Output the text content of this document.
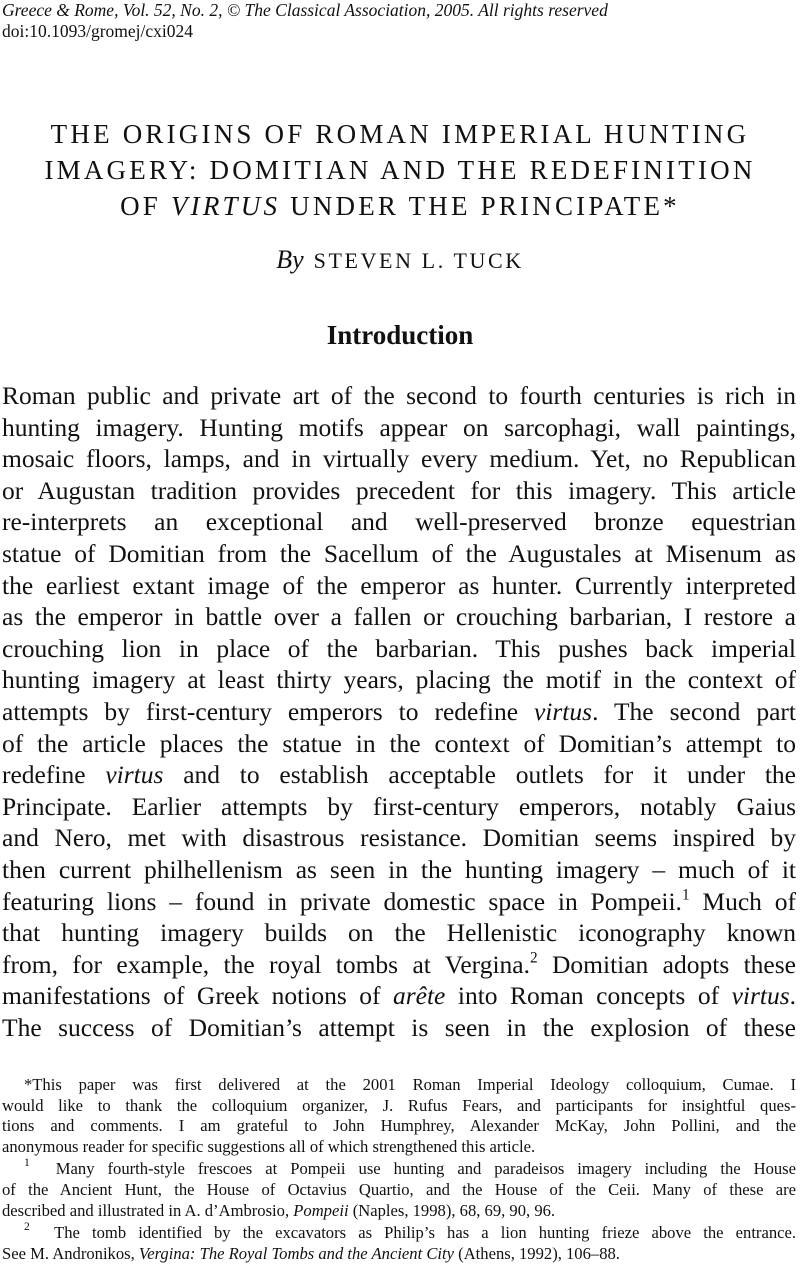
Greece & Rome, Vol. 52, No. 2, © The Classical Association, 2005. All rights reserved
doi:10.1093/gromej/cxi024
THE ORIGINS OF ROMAN IMPERIAL HUNTING
IMAGERY: DOMITIAN AND THE REDEFINITION
OF VIRTUS UNDER THE PRINCIPATE*
By STEVEN L. TUCK
Introduction
Roman public and private art of the second to fourth centuries is rich in
hunting imagery. Hunting motifs appear on sarcophagi, wall paintings,
mosaic floors, lamps, and in virtually every medium. Yet, no Republican
or Augustan tradition provides precedent for this imagery. This article
re-interprets an exceptional and well-preserved bronze equestrian
statue of Domitian from the Sacellum of the Augustales at Misenum as
the earliest extant image of the emperor as hunter. Currently interpreted
as the emperor in battle over a fallen or crouching barbarian, I restore a
crouching lion in place of the barbarian. This pushes back imperial
hunting imagery at least thirty years, placing the motif in the context of
attempts by first-century emperors to redefine virtus. The second part
of the article places the statue in the context of Domitian’s attempt to
redefine virtus and to establish acceptable outlets for it under the
Principate. Earlier attempts by first-century emperors, notably Gaius
and Nero, met with disastrous resistance. Domitian seems inspired by
then current philhellenism as seen in the hunting imagery – much of it
featuring lions – found in private domestic space in Pompeii.$^1$ Much of
that hunting imagery builds on the Hellenistic iconography known
from, for example, the royal tombs at Vergina.$^2$ Domitian adopts these
manifestations of Greek notions of arête into Roman concepts of virtus.
The success of Domitian’s attempt is seen in the explosion of these
*This paper was first delivered at the 2001 Roman Imperial Ideology colloquium, Cumae. I
would like to thank the colloquium organizer, J. Rufus Fears, and participants for insightful ques-
tions and comments. I am grateful to John Humphrey, Alexander McKay, John Pollini, and the
anonymous reader for specific suggestions all of which strengthened this article.
$^1$ Many fourth-style frescoes at Pompeii use hunting and paradeisos imagery including the House
of the Ancient Hunt, the House of Octavius Quartio, and the House of the Ceii. Many of these are
described and illustrated in A. d’Ambrosio, Pompeii (Naples, 1998), 68, 69, 90, 96.
$^2$ The tomb identified by the excavators as Philip’s has a lion hunting frieze above the entrance.
See M. Andronikos, Vergina: The Royal Tombs and the Ancient City (Athens, 1992), 106–88.
